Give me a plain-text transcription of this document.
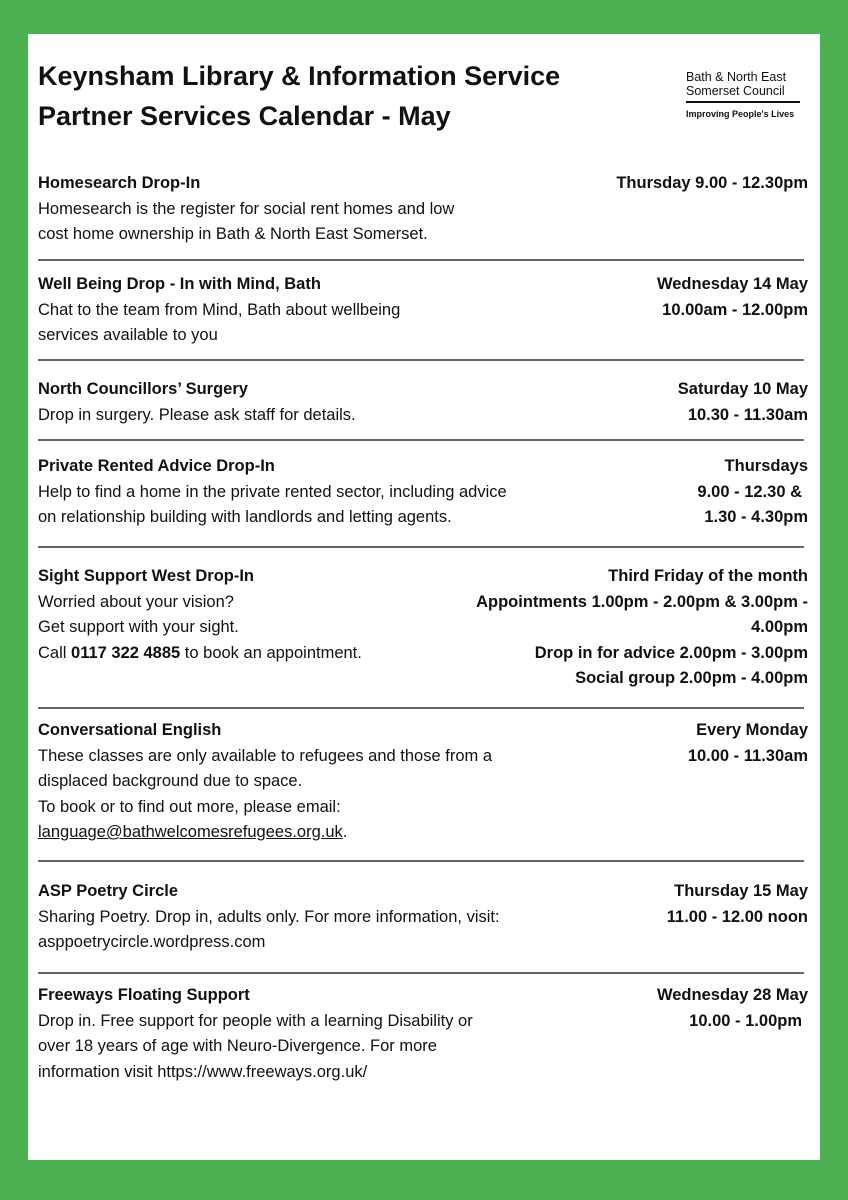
Keynsham Library & Information Service
Partner Services Calendar - May
Bath & North East
Somerset Council
Improving People's Lives
Homesearch Drop-In	Thursday 9.00 - 12.30pm
Homesearch is the register for social rent homes and low
cost home ownership in Bath & North East Somerset.
Well Being Drop - In with Mind, Bath	Wednesday 14 May
Chat to the team from Mind, Bath about wellbeing	10.00am - 12.00pm
services available to you
North Councillors’ Surgery	Saturday 10 May
Drop in surgery. Please ask staff for details.	10.30 - 11.30am
Private Rented Advice Drop-In	Thursdays
Help to find a home in the private rented sector, including advice	9.00 - 12.30 &
on relationship building with landlords and letting agents.	1.30 - 4.30pm
Sight Support West Drop-In	Third Friday of the month
Worried about your vision?	Appointments 1.00pm - 2.00pm & 3.00pm -
Get support with your sight.	4.00pm
Call 0117 322 4885 to book an appointment.	Drop in for advice 2.00pm - 3.00pm
Social group 2.00pm - 4.00pm
Conversational English	Every Monday
These classes are only available to refugees and those from a	10.00 - 11.30am
displaced background due to space.
To book or to find out more, please email:
language@bathwelcomesrefugees.org.uk.
ASP Poetry Circle	Thursday 15 May
Sharing Poetry. Drop in, adults only. For more information, visit:	11.00 - 12.00 noon
asppoetrycircle.wordpress.com
Freeways Floating Support	Wednesday 28 May
Drop in. Free support for people with a learning Disability or	10.00 - 1.00pm
over 18 years of age with Neuro-Divergence. For more
information visit https://www.freeways.org.uk/
